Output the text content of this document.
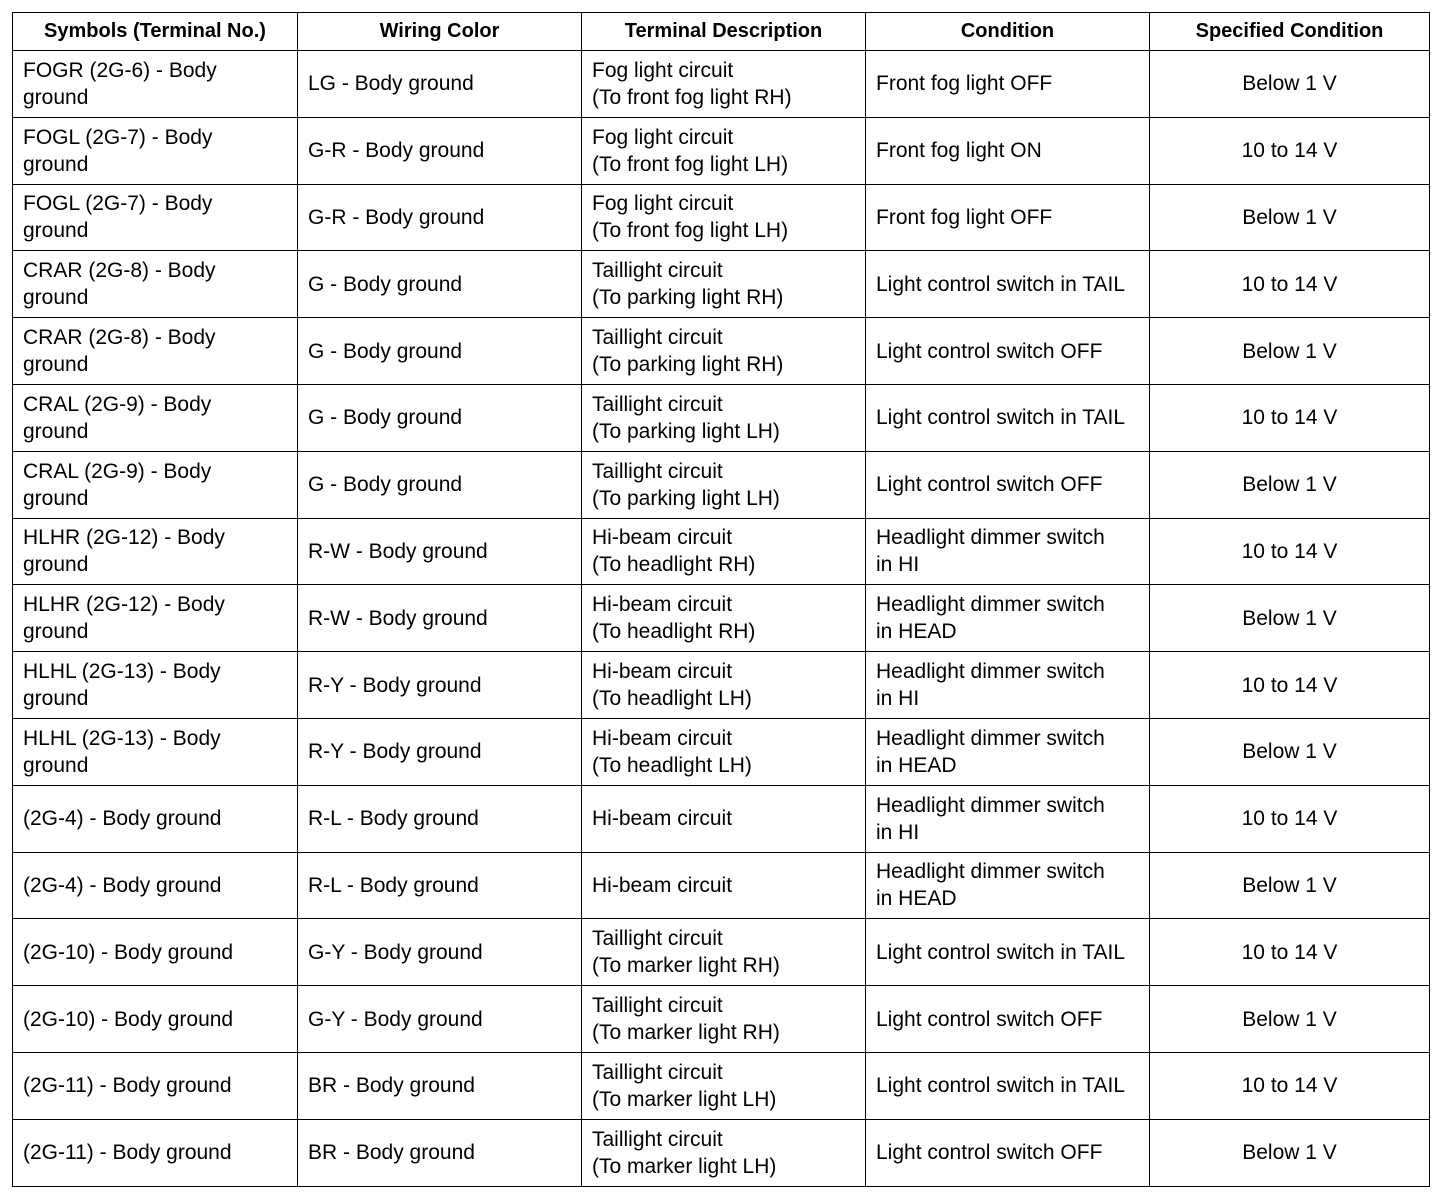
Symbols (Terminal No.)	Wiring Color	Terminal Description	Condition	Specified Condition

FOGR (2G-6) - Body
ground	LG - Body ground	Fog light circuit
(To front fog light RH)	Front fog light OFF	Below 1 V

FOGL (2G-7) - Body
ground	G-R - Body ground	Fog light circuit
(To front fog light LH)	Front fog light ON	10 to 14 V

FOGL (2G-7) - Body
ground	G-R - Body ground	Fog light circuit
(To front fog light LH)	Front fog light OFF	Below 1 V

CRAR (2G-8) - Body
ground	G - Body ground	Taillight circuit
(To parking light RH)	Light control switch in TAIL	10 to 14 V

CRAR (2G-8) - Body
ground	G - Body ground	Taillight circuit
(To parking light RH)	Light control switch OFF	Below 1 V

CRAL (2G-9) - Body
ground	G - Body ground	Taillight circuit
(To parking light LH)	Light control switch in TAIL	10 to 14 V

CRAL (2G-9) - Body
ground	G - Body ground	Taillight circuit
(To parking light LH)	Light control switch OFF	Below 1 V

HLHR (2G-12) - Body
ground	R-W - Body ground	Hi-beam circuit
(To headlight RH)	Headlight dimmer switch
in HI	10 to 14 V

HLHR (2G-12) - Body
ground	R-W - Body ground	Hi-beam circuit
(To headlight RH)	Headlight dimmer switch
in HEAD	Below 1 V

HLHL (2G-13) - Body
ground	R-Y - Body ground	Hi-beam circuit
(To headlight LH)	Headlight dimmer switch
in HI	10 to 14 V

HLHL (2G-13) - Body
ground	R-Y - Body ground	Hi-beam circuit
(To headlight LH)	Headlight dimmer switch
in HEAD	Below 1 V

(2G-4) - Body ground	R-L - Body ground	Hi-beam circuit	Headlight dimmer switch
in HI	10 to 14 V

(2G-4) - Body ground	R-L - Body ground	Hi-beam circuit	Headlight dimmer switch
in HEAD	Below 1 V

(2G-10) - Body ground	G-Y - Body ground	Taillight circuit
(To marker light RH)	Light control switch in TAIL	10 to 14 V

(2G-10) - Body ground	G-Y - Body ground	Taillight circuit
(To marker light RH)	Light control switch OFF	Below 1 V

(2G-11) - Body ground	BR - Body ground	Taillight circuit
(To marker light LH)	Light control switch in TAIL	10 to 14 V

(2G-11) - Body ground	BR - Body ground	Taillight circuit
(To marker light LH)	Light control switch OFF	Below 1 V
